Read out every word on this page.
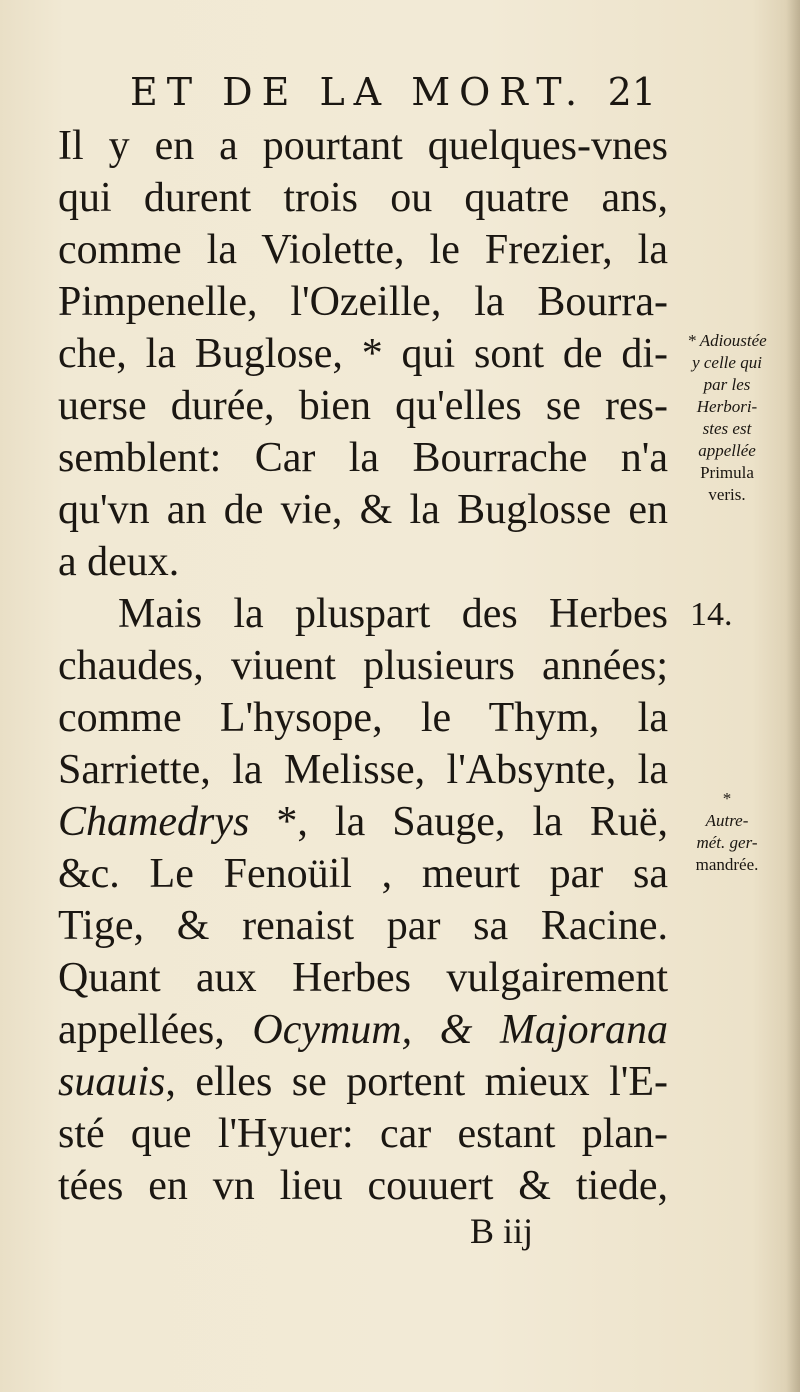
ET DE LA MORT. 21
Il y en a pourtant quelques-vnes
qui durent trois ou quatre ans,
comme la Violette, le Frezier, la
Pimpenelle, l'Ozeille, la Bourra-
che, la Buglose, * qui sont de di-
uerse durée, bien qu'elles se res-
semblent: Car la Bourrache n'a
qu'vn an de vie, & la Buglosse en
a deux.
Mais la pluspart des Herbes
chaudes, viuent plusieurs années;
comme L'hysope, le Thym, la
Sarriette, la Melisse, l'Absynte, la
Chamedrys *, la Sauge, la Ruë,
&c. Le Fenoüil , meurt par sa
Tige, & renaist par sa Racine.
Quant aux Herbes vulgairement
appellées, Ocymum, & Majorana
suauis, elles se portent mieux l'E-
sté que l'Hyuer: car estant plan-
tées en vn lieu couuert & tiede,
* Adioustée
y celle qui
par les
Herbori-
stes est
appellée
Primula
veris.
14.
*
Autre-
mét. ger-
mandrée.
B iij
